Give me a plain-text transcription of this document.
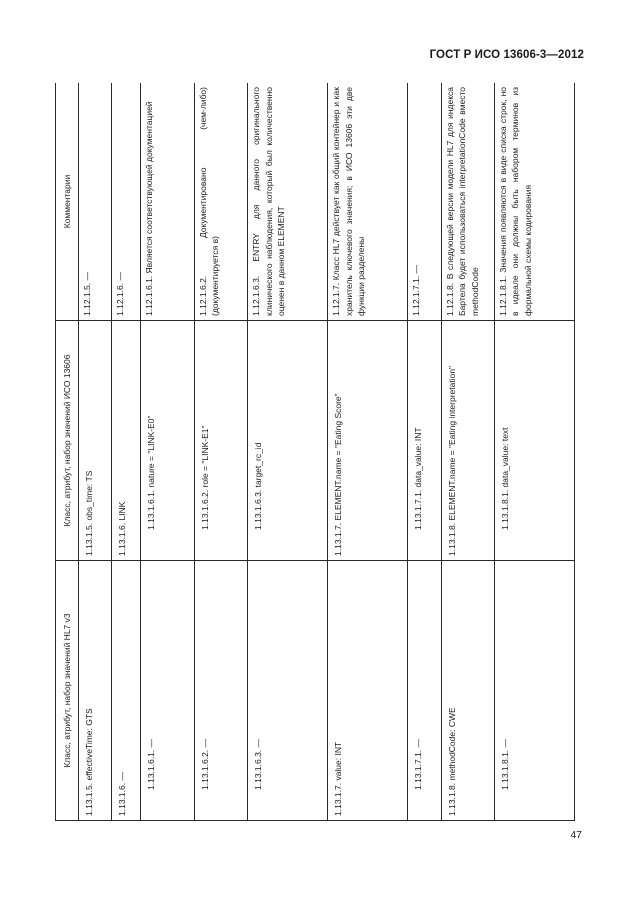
ГОСТ Р ИСО 13606-3—2012
Класс, атрибут, набор значений HL7 v3	Класс, атрибут, набор значений ИСО 13606	Комментарии
1.13.1.5. effectiveTime: GTS	1.13.1.5. obs_time: TS	1.12.1.5. —
1.13.1.6. —	1.13.1.6. LINK	1.12.1.6. —
1.13.1.6.1. —	1.13.1.6.1. nature = "LINK-E0"	1.12.1.6.1. Является соответствующей документацией
1.13.1.6.2. —	1.13.1.6.2. role = "LINK-E1"	1.12.1.6.2. Документировано (чем-либо) (документируется в)
1.13.1.6.3. —	1.13.1.6.3. target_rc_id	1.12.1.6.3. ENTRY для данного оригинального клинического наблюдения, который был количественно оценен в данном ELEMENT
1.13.1.7. value: INT	1.13.1.7. ELEMENT.name = "Eating Score"	1.12.1.7. Класс HL7 действует как общий контейнер и как хранитель ключевого значения; в ИСО 13606 эти две функции разделены
1.13.1.7.1. —	1.13.1.7.1. data_value: INT	1.12.1.7.1. —
1.13.1.8. methodCode: CWE	1.13.1.8. ELEMENT.name = "Eating interpretation"	1.12.1.8. В следующей версии модели HL7 для индекса Бартела будет использоваться interpretationCode вместо methodCode
1.13.1.8.1. —	1.13.1.8.1. data_value: text	1.12.1.8.1. Значения появляются в виде списка строк, но в идеале они должны быть набором терминов из формальной схемы кодирования
47
